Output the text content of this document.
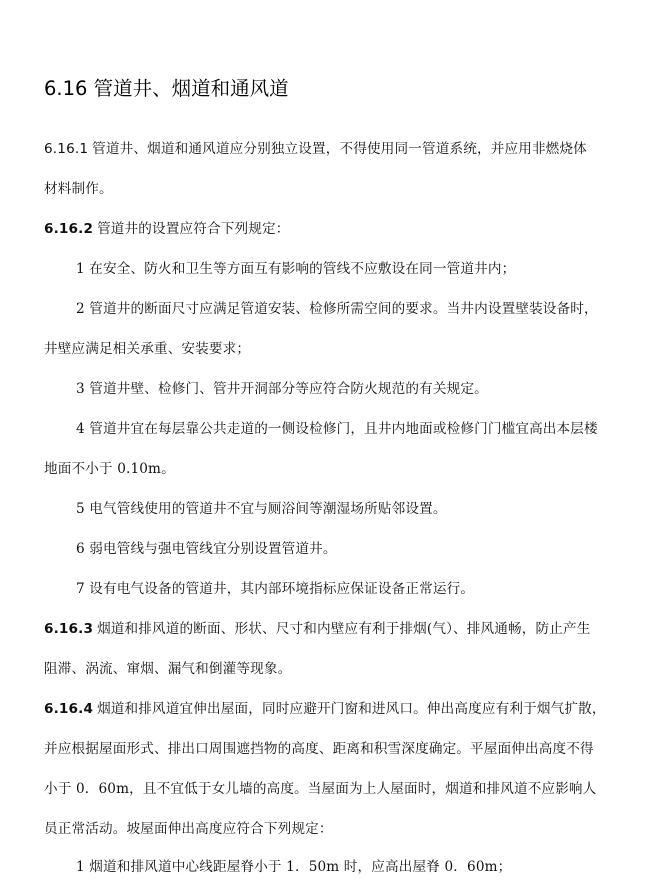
6.16 管道井、烟道和通风道
6.16.1 管道井、烟道和通风道应分别独立设置，不得使用同一管道系统，并应用非燃烧体
材料制作。
6.16.2 管道井的设置应符合下列规定：
1 在安全、防火和卫生等方面互有影响的管线不应敷设在同一管道井内；
2 管道井的断面尺寸应满足管道安装、检修所需空间的要求。当井内设置壁装设备时，
井壁应满足相关承重、安装要求；
3 管道井壁、检修门、管井开洞部分等应符合防火规范的有关规定。
4 管道井宜在每层靠公共走道的一侧设检修门，且井内地面或检修门门槛宜高出本层楼
地面不小于 0.10m。
5 电气管线使用的管道井不宜与厕浴间等潮湿场所贴邻设置。
6 弱电管线与强电管线宜分别设置管道井。
7 设有电气设备的管道井，其内部环境指标应保证设备正常运行。
6.16.3 烟道和排风道的断面、形状、尺寸和内壁应有利于排烟(气）、排风通畅，防止产生
阻滞、涡流、窜烟、漏气和倒灌等现象。
6.16.4 烟道和排风道宜伸出屋面，同时应避开门窗和进风口。伸出高度应有利于烟气扩散，
并应根据屋面形式、排出口周围遮挡物的高度、距离和积雪深度确定。平屋面伸出高度不得
小于 0．60m，且不宜低于女儿墙的高度。当屋面为上人屋面时，烟道和排风道不应影响人
员正常活动。坡屋面伸出高度应符合下列规定：
1 烟道和排风道中心线距屋脊小于 1．50m 时，应高出屋脊 0．60m；
